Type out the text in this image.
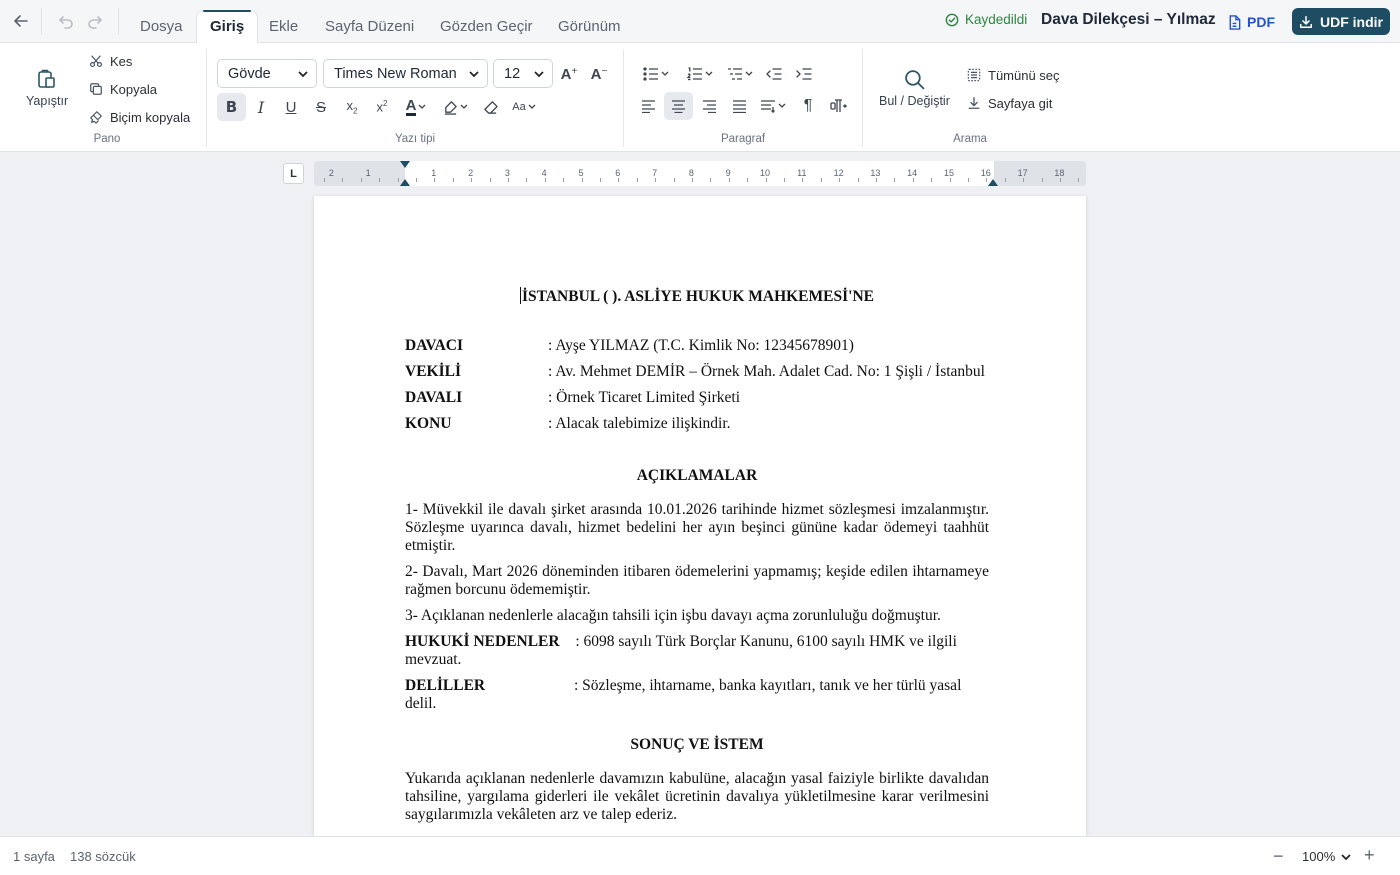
Dosya	Giriş	Ekle	Sayfa Düzeni	Gözden Geçir	Görünüm	Kaydedildi Dava Dilekçesi – Yılmaz PDF	UDF indir
Yapıştır
Kes
Kopyala
Biçim kopyala
Pano
Gövde	Times New Roman	12	A + A −
B I U S $x_2$ $x^2$ A	Aa
Yazı tipi
¶
Paragraf
Bul / Değiştir
Tümünü seç
Sayfaya git
Arama
L	2	1	1	2	3	4	5	6	7	8	9	10	11	12	13	14	15	16	17	18
İSTANBUL ( ). ASLİYE HUKUK MAHKEMESİ'NE
DAVACI	: Ayşe YILMAZ (T.C. Kimlik No: 12345678901)
VEKİLİ	: Av. Mehmet DEMİR – Örnek Mah. Adalet Cad. No: 1 Şişli / İstanbul
DAVALI	: Örnek Ticaret Limited Şirketi
KONU	: Alacak talebimize ilişkindir.
AÇIKLAMALAR
1- Müvekkil ile davalı şirket arasında 10.01.2026 tarihinde hizmet sözleşmesi imzalanmıştır. Sözleşme uyarınca davalı, hizmet bedelini her ayın beşinci gününe kadar ödemeyi taahhüt etmiştir.
2- Davalı, Mart 2026 döneminden itibaren ödemelerini yapmamış; keşide edilen ihtarnameye rağmen borcunu ödememiştir.
3- Açıklanan nedenlerle alacağın tahsili için işbu davayı açma zorunluluğu doğmuştur.
HUKUKİ NEDENLER : 6098 sayılı Türk Borçlar Kanunu, 6100 sayılı HMK ve ilgili mevzuat.
DELİLLER	: Sözleşme, ihtarname, banka kayıtları, tanık ve her türlü yasal delil.
SONUÇ VE İSTEM
Yukarıda açıklanan nedenlerle davamızın kabulüne, alacağın yasal faiziyle birlikte davalıdan tahsiline, yargılama giderleri ile vekâlet ücretinin davalıya yükletilmesine karar verilmesini saygılarımızla vekâleten arz ve talep ederiz.
1 sayfa 138 sözcük	− 100% +
